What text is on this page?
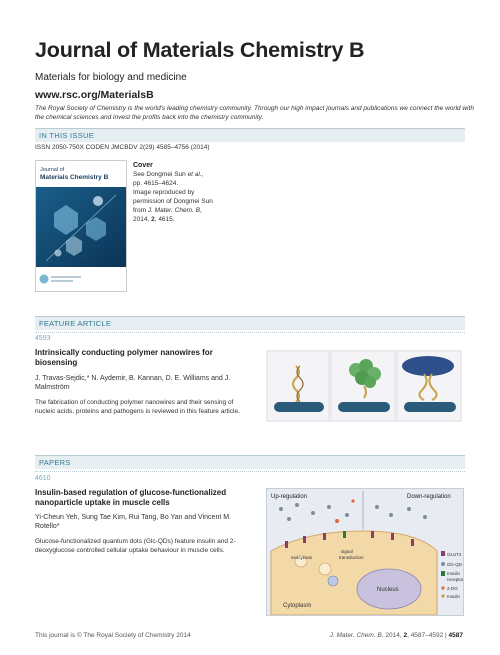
Journal of Materials Chemistry B
Materials for biology and medicine
www.rsc.org/MaterialsB
The Royal Society of Chemistry is the world's leading chemistry community. Through our high impact journals and publications we connect the world with the chemical sciences and invest the profits back into the chemistry community.
IN THIS ISSUE
ISSN 2050-750X CODEN JMCBDV 2(29) 4585–4756 (2014)
Journal of
Materials Chemistry B
Cover
See Dongmei Sun et al.,
pp. 4615–4624.
Image reproduced by
permission of Dongmei Sun
from J. Mater. Chem. B,
2014, 2, 4615.
FEATURE ARTICLE
4593
Intrinsically conducting polymer nanowires for biosensing
J. Travas-Sejdic,* N. Aydemir, B. Kannan, D. E. Williams and J. Malmström
The fabrication of conducting polymer nanowires and their sensing of nucleic acids, proteins and pathogens is reviewed in this feature article.
PAPERS
4610
Insulin-based regulation of glucose-functionalized nanoparticle uptake in muscle cells
Yi-Cheun Yeh, Sung Tae Kim, Rui Tang, Bo Yan and Vincent M. Rotello*
Glucose-functionalized quantum dots (Glc-QDs) feature insulin and 2-deoxyglucose controlled cellular uptake behaviour in muscle cells.
Up-regulation	Down-regulation
exocytosis
signal
transduction
Nucleus
Cytoplasm
GLUT4
Glc-QD
Insulin
receptor
2-DG
Insulin
This journal is © The Royal Society of Chemistry 2014	J. Mater. Chem. B, 2014, 2, 4587–4592 | 4587
